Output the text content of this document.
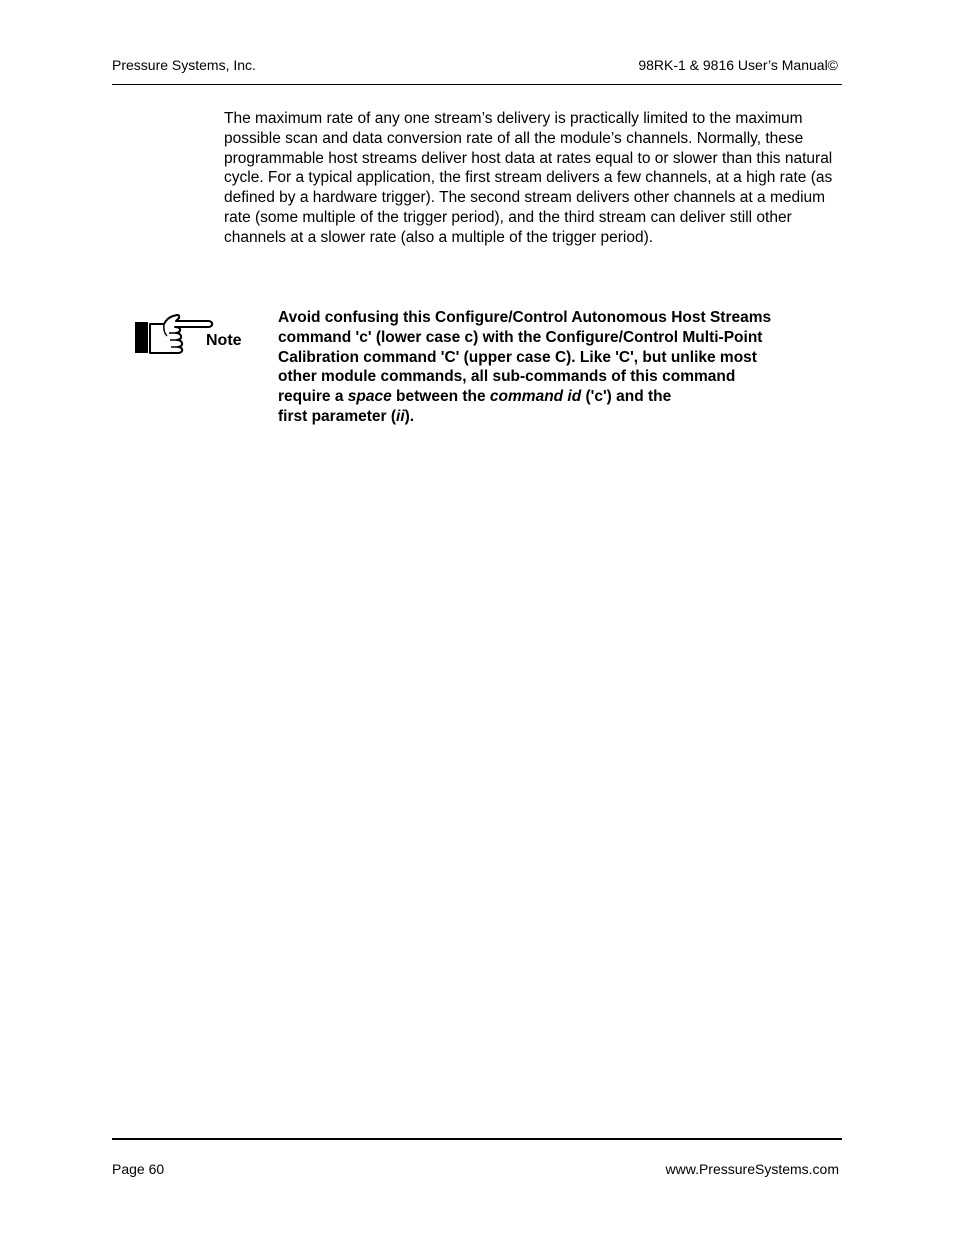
Pressure Systems, Inc.	98RK-1 & 9816 User’s Manual©
The maximum rate of any one stream’s delivery is practically limited to the maximum possible scan and data conversion rate of all the module’s channels. Normally, these programmable host streams deliver host data at rates equal to or slower than this natural cycle. For a typical application, the first stream delivers a few channels, at a high rate (as defined by a hardware trigger). The second stream delivers other channels at a medium rate (some multiple of the trigger period), and the third stream can deliver still other channels at a slower rate (also a multiple of the trigger period).
Note
Avoid confusing this Configure/Control Autonomous Host Streams
command 'c' (lower case c) with the Configure/Control Multi-Point
Calibration command 'C' (upper case C). Like 'C', but unlike most
other module commands, all sub-commands of this command
require a space between the command id ('c') and the
first parameter (ii).
Page 60	www.PressureSystems.com
